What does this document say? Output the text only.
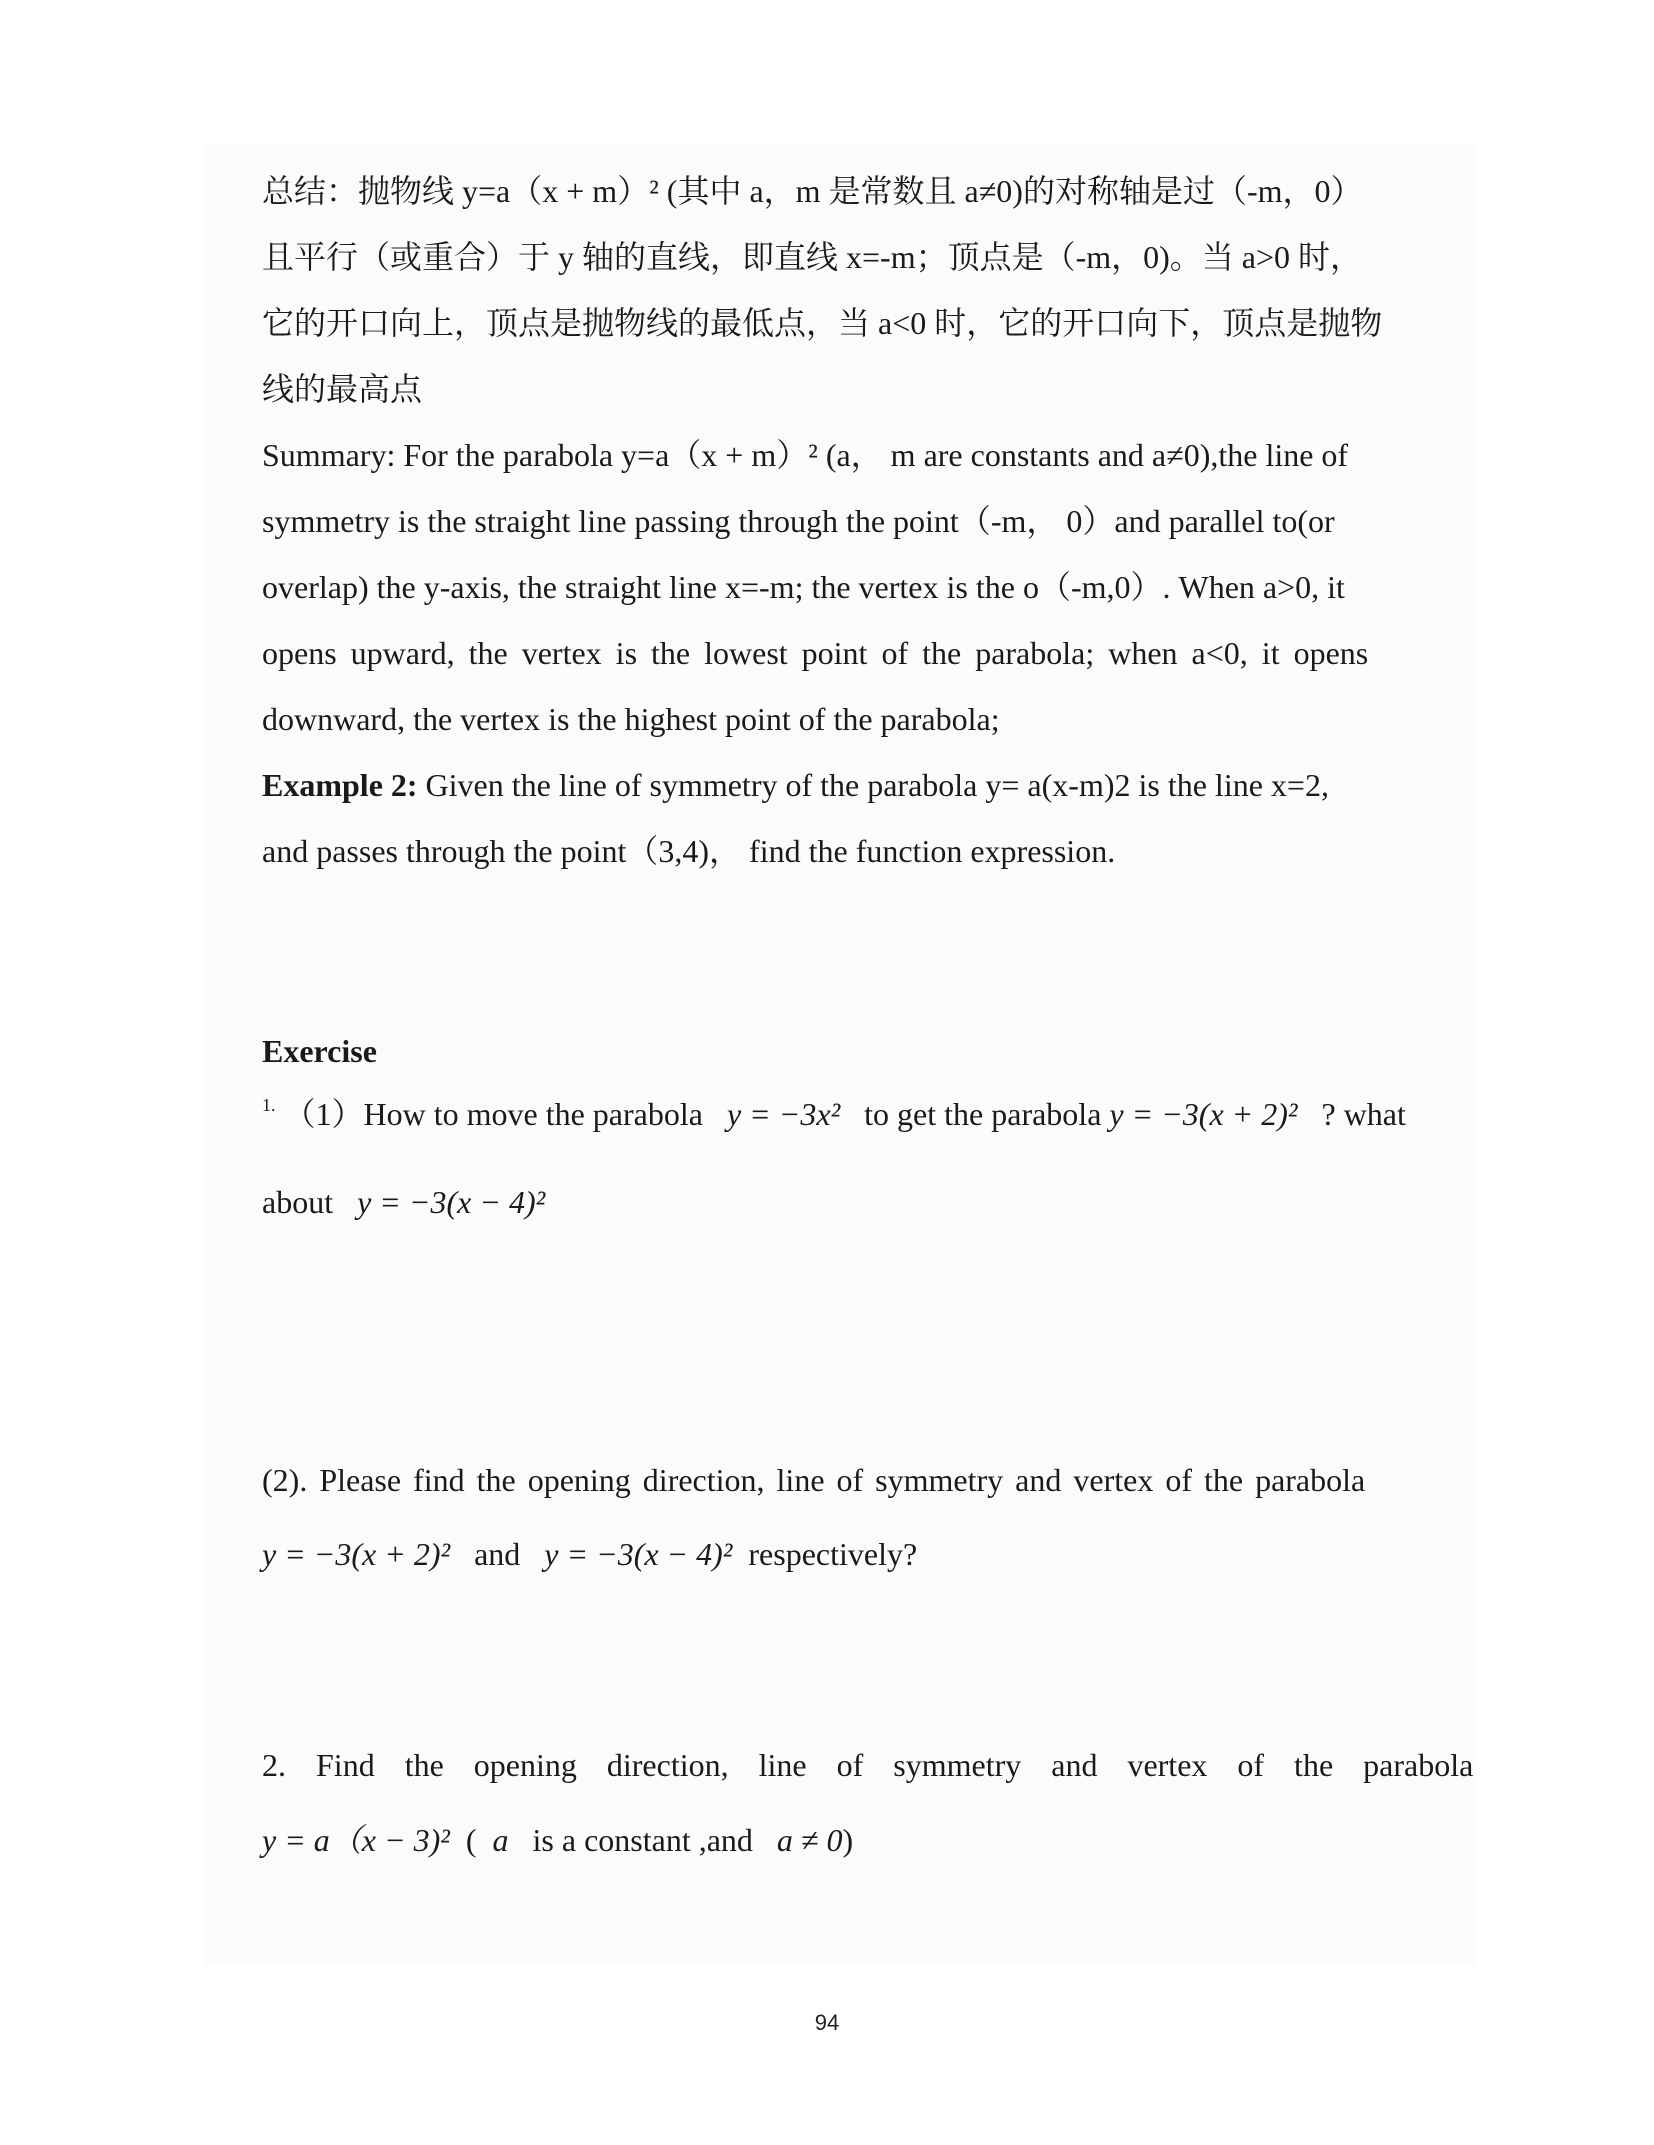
总结：抛物线 y=a（x + m）² (其中 a，m 是常数且 a≠0)的对称轴是过（-m，0）
且平行（或重合）于 y 轴的直线，即直线 x=-m；顶点是（-m，0)。当 a>0 时，
它的开口向上，顶点是抛物线的最低点，当 a<0 时，它的开口向下，顶点是抛物
线的最高点
Summary: For the parabola y=a（x + m）² (a， m are constants and a≠0),the line of
symmetry is the straight line passing through the point（-m， 0）and parallel to(or
overlap) the y-axis, the straight line x=-m; the vertex is the o（-m,0）. When a>0, it
opens upward, the vertex is the lowest point of the parabola; when a<0, it opens
downward, the vertex is the highest point of the parabola;
Example 2: Given the line of symmetry of the parabola y= a(x-m)2 is the line x=2,
and passes through the point（3,4)， find the function expression.
Exercise
$^{1.}$ （1）How to move the parabola y = −3x² to get the parabola y = −3(x + 2)² ? what
about y = −3(x − 4)²
(2). Please find the opening direction, line of symmetry and vertex of the parabola
y = −3(x + 2)² and y = −3(x − 4)² respectively?
2. Find the opening direction, line of symmetry and vertex of the parabola
y = a（x − 3)² ( a is a constant ,and a ≠ 0)
94
